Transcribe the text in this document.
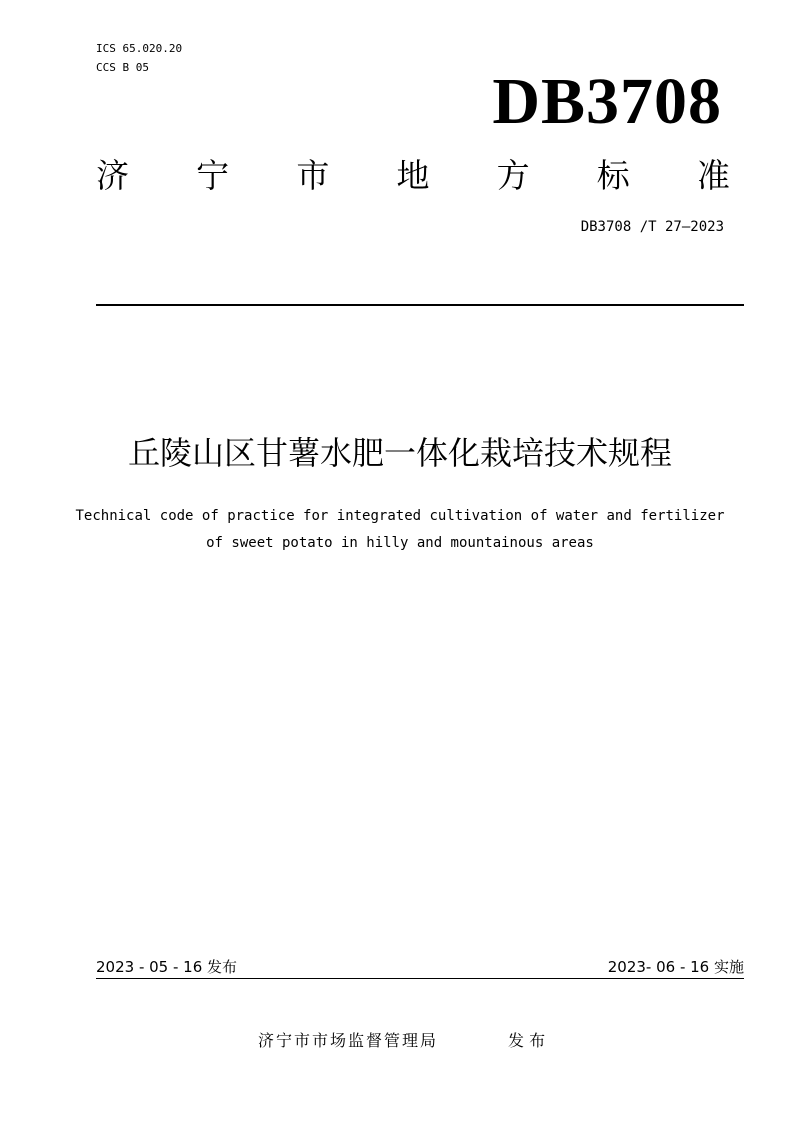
ICS 65.020.20
CCS B 05	DB3708
济 宁 市 地 方 标 准
DB3708 /T 27—2023
丘陵山区甘薯水肥一体化栽培技术规程
Technical code of practice for integrated cultivation of water and fertilizer
of sweet potato in hilly and mountainous areas
2023 - 05 - 16 发布	2023- 06 - 16 实施
济宁市市场监督管理局	发 布
